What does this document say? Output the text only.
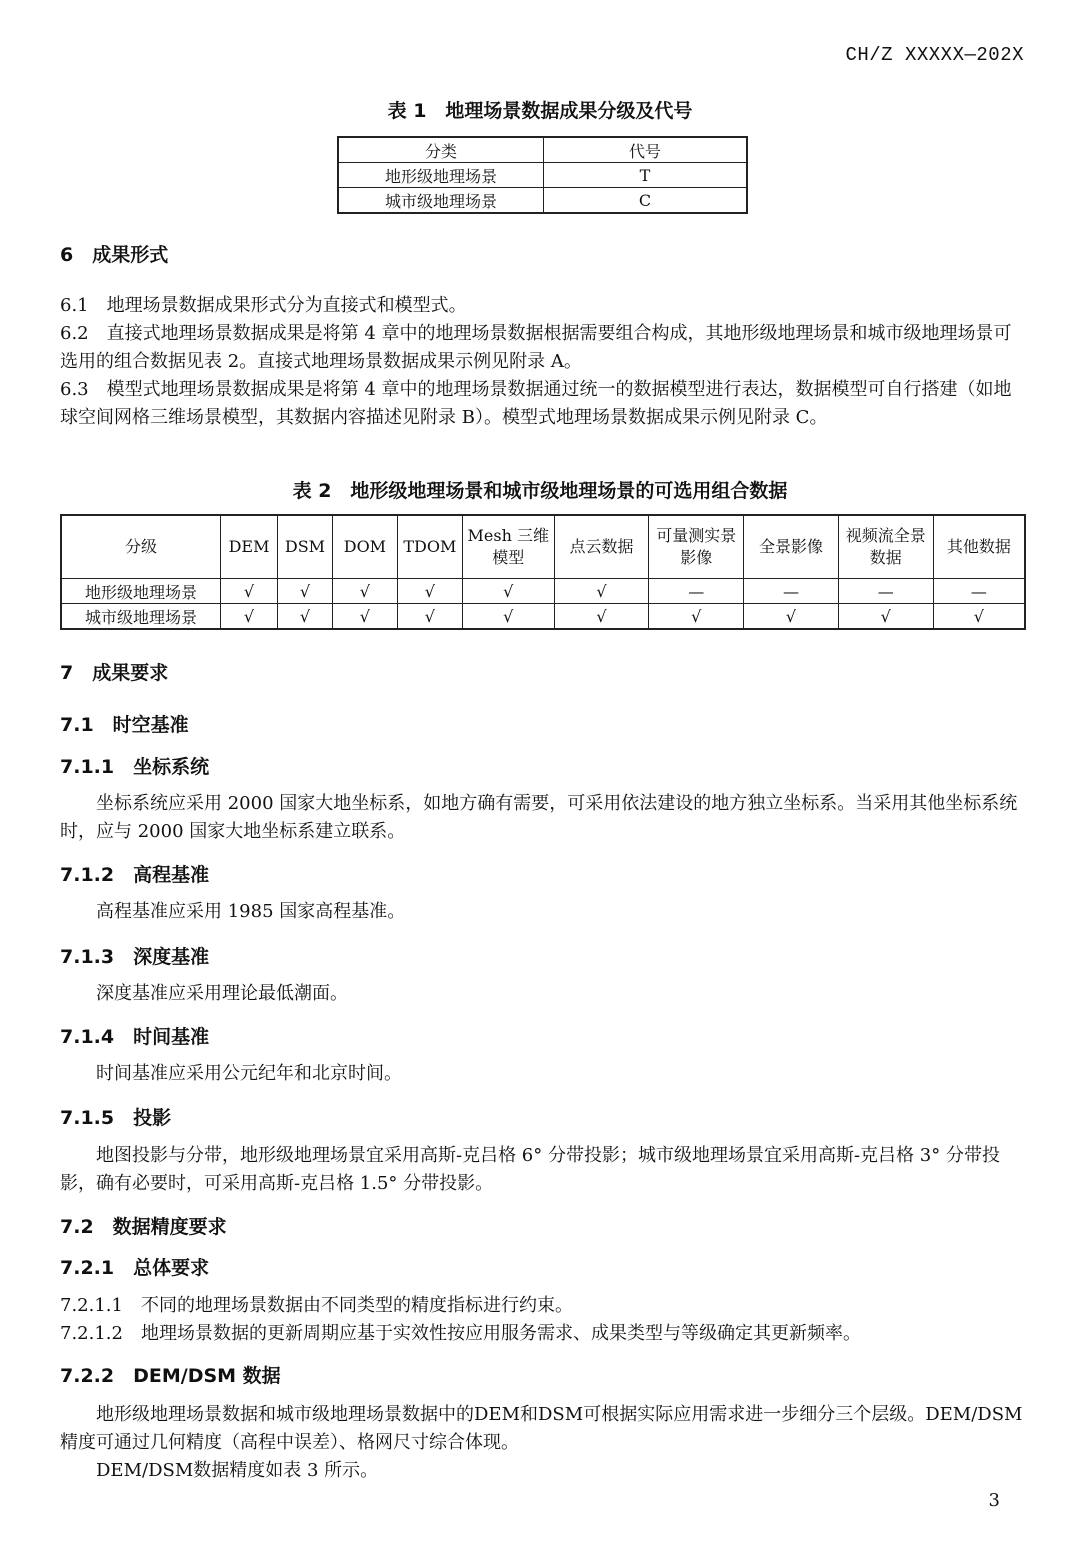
CH/Z XXXXX—202X
表 1　地理场景数据成果分级及代号
分类	代号
地形级地理场景	T
城市级地理场景	C
6　成果形式
6.1　地理场景数据成果形式分为直接式和模型式。
6.2　直接式地理场景数据成果是将第 4 章中的地理场景数据根据需要组合构成，其地形级地理场景和城市级地理场景可选用的组合数据见表 2。直接式地理场景数据成果示例见附录 A。
6.3　模型式地理场景数据成果是将第 4 章中的地理场景数据通过统一的数据模型进行表达，数据模型可自行搭建（如地球空间网格三维场景模型，其数据内容描述见附录 B）。模型式地理场景数据成果示例见附录 C。
表 2　地形级地理场景和城市级地理场景的可选用组合数据
分级	DEM	DSM	DOM	TDOM	Mesh 三维模型	点云数据	可量测实景影像	全景影像	视频流全景数据	其他数据
地形级地理场景	√	√	√	√	√	√	—	—	—	—
城市级地理场景	√	√	√	√	√	√	√	√	√	√
7　成果要求
7.1　时空基准
7.1.1　坐标系统
坐标系统应采用 2000 国家大地坐标系，如地方确有需要，可采用依法建设的地方独立坐标系。当采用其他坐标系统时，应与 2000 国家大地坐标系建立联系。
7.1.2　高程基准
高程基准应采用 1985 国家高程基准。
7.1.3　深度基准
深度基准应采用理论最低潮面。
7.1.4　时间基准
时间基准应采用公元纪年和北京时间。
7.1.5　投影
地图投影与分带，地形级地理场景宜采用高斯-克吕格 6° 分带投影；城市级地理场景宜采用高斯-克吕格 3° 分带投影，确有必要时，可采用高斯-克吕格 1.5° 分带投影。
7.2　数据精度要求
7.2.1　总体要求
7.2.1.1　不同的地理场景数据由不同类型的精度指标进行约束。
7.2.1.2　地理场景数据的更新周期应基于实效性按应用服务需求、成果类型与等级确定其更新频率。
7.2.2　DEM/DSM 数据
地形级地理场景数据和城市级地理场景数据中的DEM和DSM可根据实际应用需求进一步细分三个层级。DEM/DSM精度可通过几何精度（高程中误差）、格网尺寸综合体现。
DEM/DSM数据精度如表 3 所示。
3
